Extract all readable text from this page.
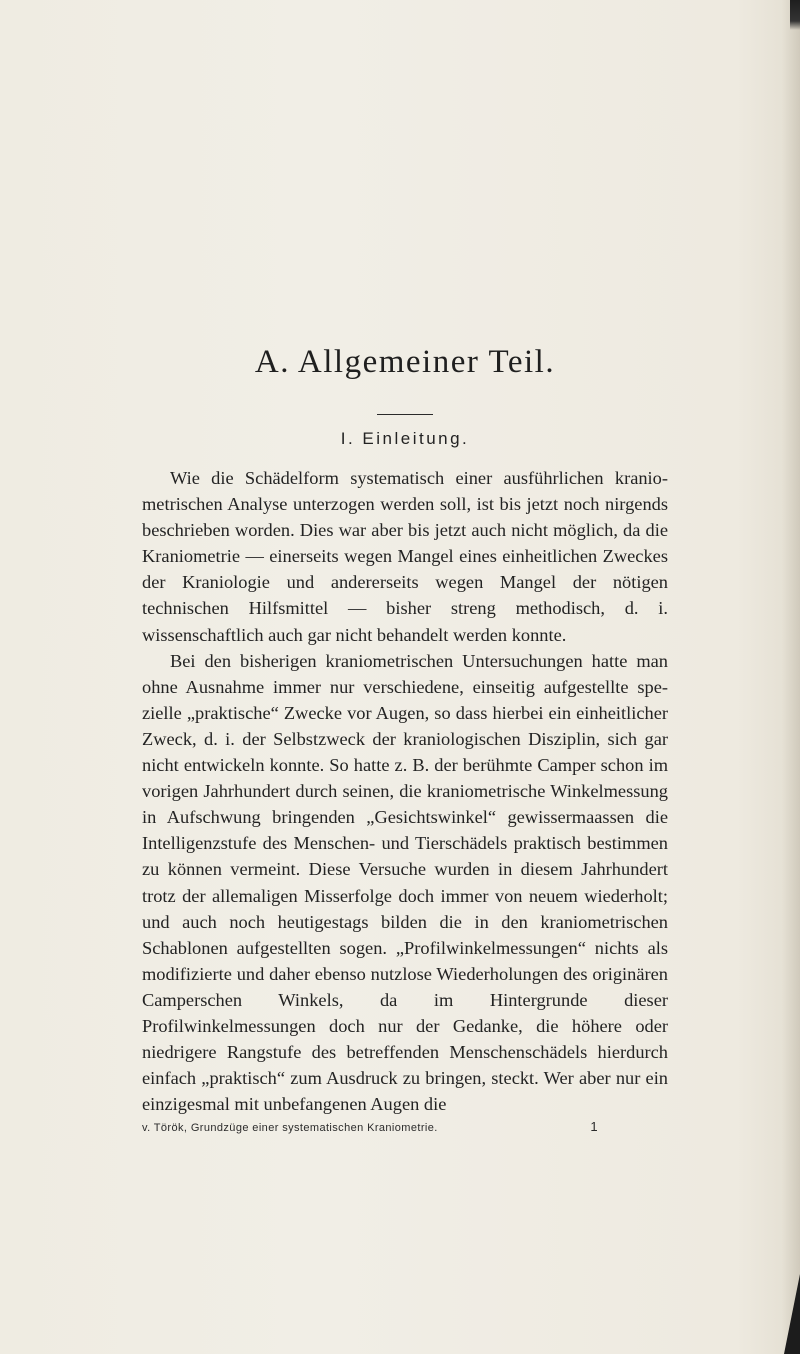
A. Allgemeiner Teil.
I. Einleitung.

Wie die Schädelform systematisch einer ausführlichen kraniometrischen Analyse unterzogen werden soll, ist bis jetzt noch nirgends beschrieben worden. Dies war aber bis jetzt auch nicht möglich, da die Kraniometrie — einerseits wegen Mangel eines einheitlichen Zweckes der Kraniologie und andererseits wegen Mangel der nötigen technischen Hilfsmittel — bisher streng methodisch, d. i. wissenschaftlich auch gar nicht behandelt werden konnte.

Bei den bisherigen kraniometrischen Untersuchungen hatte man ohne Ausnahme immer nur verschiedene, einseitig aufgestellte spezielle „praktische“ Zwecke vor Augen, so dass hierbei ein einheitlicher Zweck, d. i. der Selbstzweck der kraniologischen Disziplin, sich gar nicht entwickeln konnte. So hatte z. B. der berühmte Camper schon im vorigen Jahrhundert durch seinen, die kraniometrische Winkelmessung in Aufschwung bringenden „Gesichtswinkel“ gewissermaassen die Intelligenzstufe des Menschen- und Tierschädels praktisch bestimmen zu können vermeint. Diese Versuche wurden in diesem Jahrhundert trotz der allemaligen Misserfolge doch immer von neuem wiederholt; und auch noch heutigestags bilden die in den kraniometrischen Schablonen aufgestellten sogen. „Profilwinkelmessungen“ nichts als modifizierte und daher ebenso nutzlose Wiederholungen des originären Camperschen Winkels, da im Hintergrunde dieser Profilwinkelmessungen doch nur der Gedanke, die höhere oder niedrigere Rangstufe des betreffenden Menschenschädels hierdurch einfach „praktisch“ zum Ausdruck zu bringen, steckt. Wer aber nur ein einzigesmal mit unbefangenen Augen die

v. Török, Grundzüge einer systematischen Kraniometrie.	1
